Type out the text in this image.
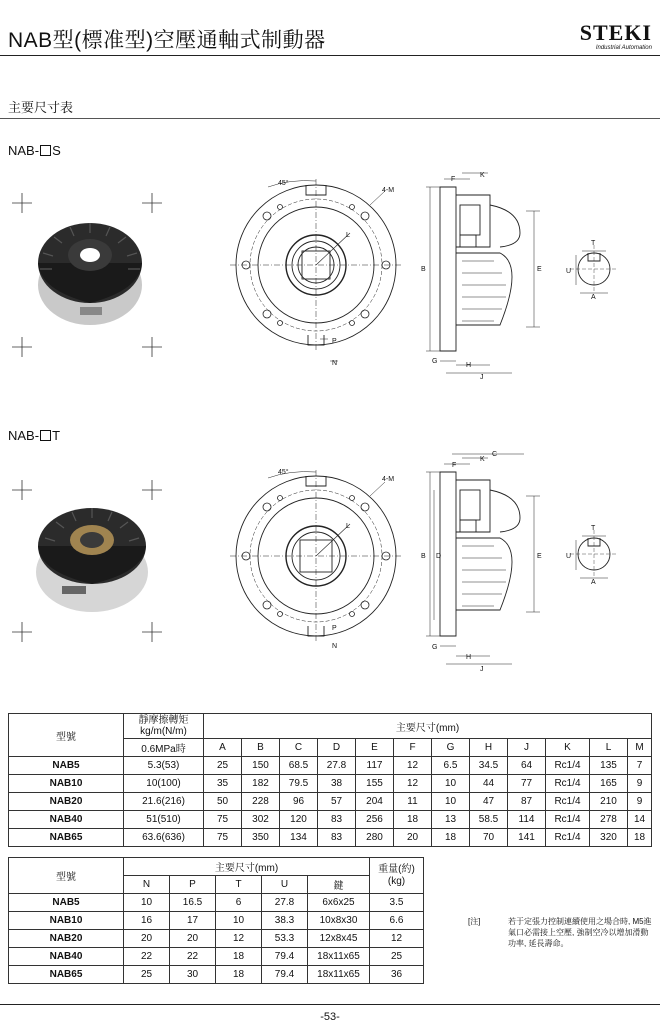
NAB型(標准型)空壓通軸式制動器	STEKI
Industrial Automation
主要尺寸表
NAB- S
45°
4-M
L
P
N
F
K
B	E
G
H
J
T
U
A
NAB- T
45°
4-M
L
P
N
F
K
C
B D	E
G
H
J
T
U
A
型號	靜摩擦轉矩
kg/m(N/m)	主要尺寸(mm)											
	0.6MPa時	A	B	C	D	E	F	G	H	J	K	L	M
NAB5	5.3(53)	25	150	68.5	27.8	117	12	6.5	34.5	64	Rc1/4	135	7
NAB10	10(100)	35	182	79.5	38	155	12	10	44	77	Rc1/4	165	9
NAB20	21.6(216)	50	228	96	57	204	11	10	47	87	Rc1/4	210	9
NAB40	51(510)	75	302	120	83	256	18	13	58.5	114	Rc1/4	278	14
NAB65	63.6(636)	75	350	134	83	280	20	18	70	141	Rc1/4	320	18
型號	主要尺寸(mm)					重量(約)
(kg)

	N	P	T	U	鍵	
NAB5	10	16.5	6	27.8	6x6x25	3.5
NAB10	16	17	10	38.3	10x8x30	6.6
NAB20	20	20	12	53.3	12x8x45	12
NAB40	22	22	18	79.4	18x11x65	25
NAB65	25	30	18	79.4	18x11x65	36
[注]	若于定張力控制連續使用之場合時, M5進氣口必需接上空壓, 強制空冷以增加滑動功率, 延長壽命。
-53-
